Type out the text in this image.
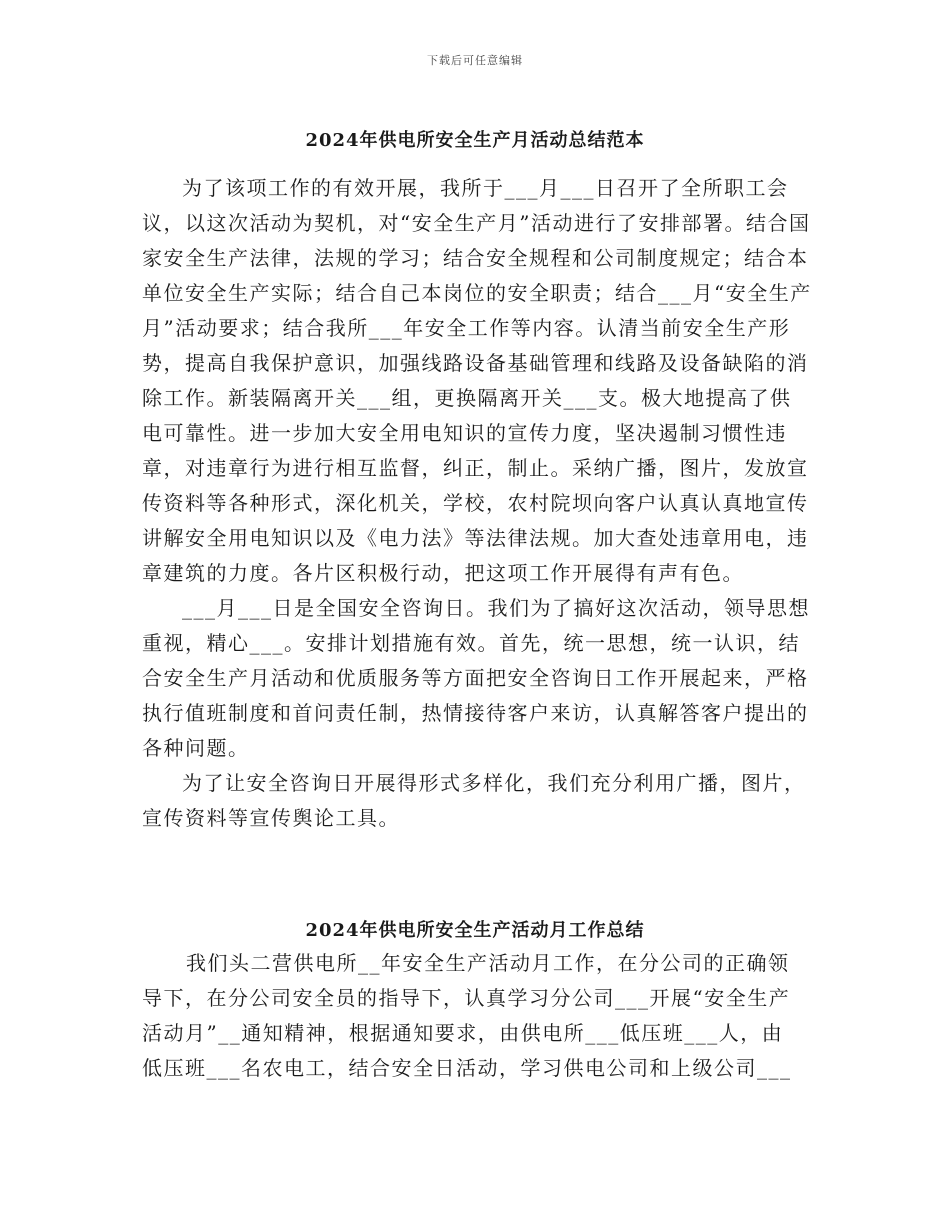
下载后可任意编辑
2024年供电所安全生产月活动总结范本

为了该项工作的有效开展，我所于___月___日召开了全所职工会议，以这次活动为契机，对“安全生产月”活动进行了安排部署。结合国家安全生产法律，法规的学习；结合安全规程和公司制度规定；结合本单位安全生产实际；结合自己本岗位的安全职责；结合___月“安全生产月”活动要求；结合我所___年安全工作等内容。认清当前安全生产形势，提高自我保护意识，加强线路设备基础管理和线路及设备缺陷的消除工作。新装隔离开关___组，更换隔离开关___支。极大地提高了供电可靠性。进一步加大安全用电知识的宣传力度，坚决遏制习惯性违章，对违章行为进行相互监督，纠正，制止。采纳广播，图片，发放宣传资料等各种形式，深化机关，学校，农村院坝向客户认真认真地宣传讲解安全用电知识以及《电力法》等法律法规。加大查处违章用电，违章建筑的力度。各片区积极行动，把这项工作开展得有声有色。

___月___日是全国安全咨询日。我们为了搞好这次活动，领导思想重视，精心___。安排计划措施有效。首先，统一思想，统一认识，结合安全生产月活动和优质服务等方面把安全咨询日工作开展起来，严格执行值班制度和首问责任制，热情接待客户来访，认真解答客户提出的各种问题。

为了让安全咨询日开展得形式多样化，我们充分利用广播，图片，宣传资料等宣传舆论工具。

2024年供电所安全生产活动月工作总结
我们头二营供电所__年安全生产活动月工作，在分公司的正确领
导下，在分公司安全员的指导下，认真学习分公司___开展“安全生产
活动月”__通知精神，根据通知要求，由供电所___低压班___人，由
低压班___名农电工，结合安全日活动，学习供电公司和上级公司___
